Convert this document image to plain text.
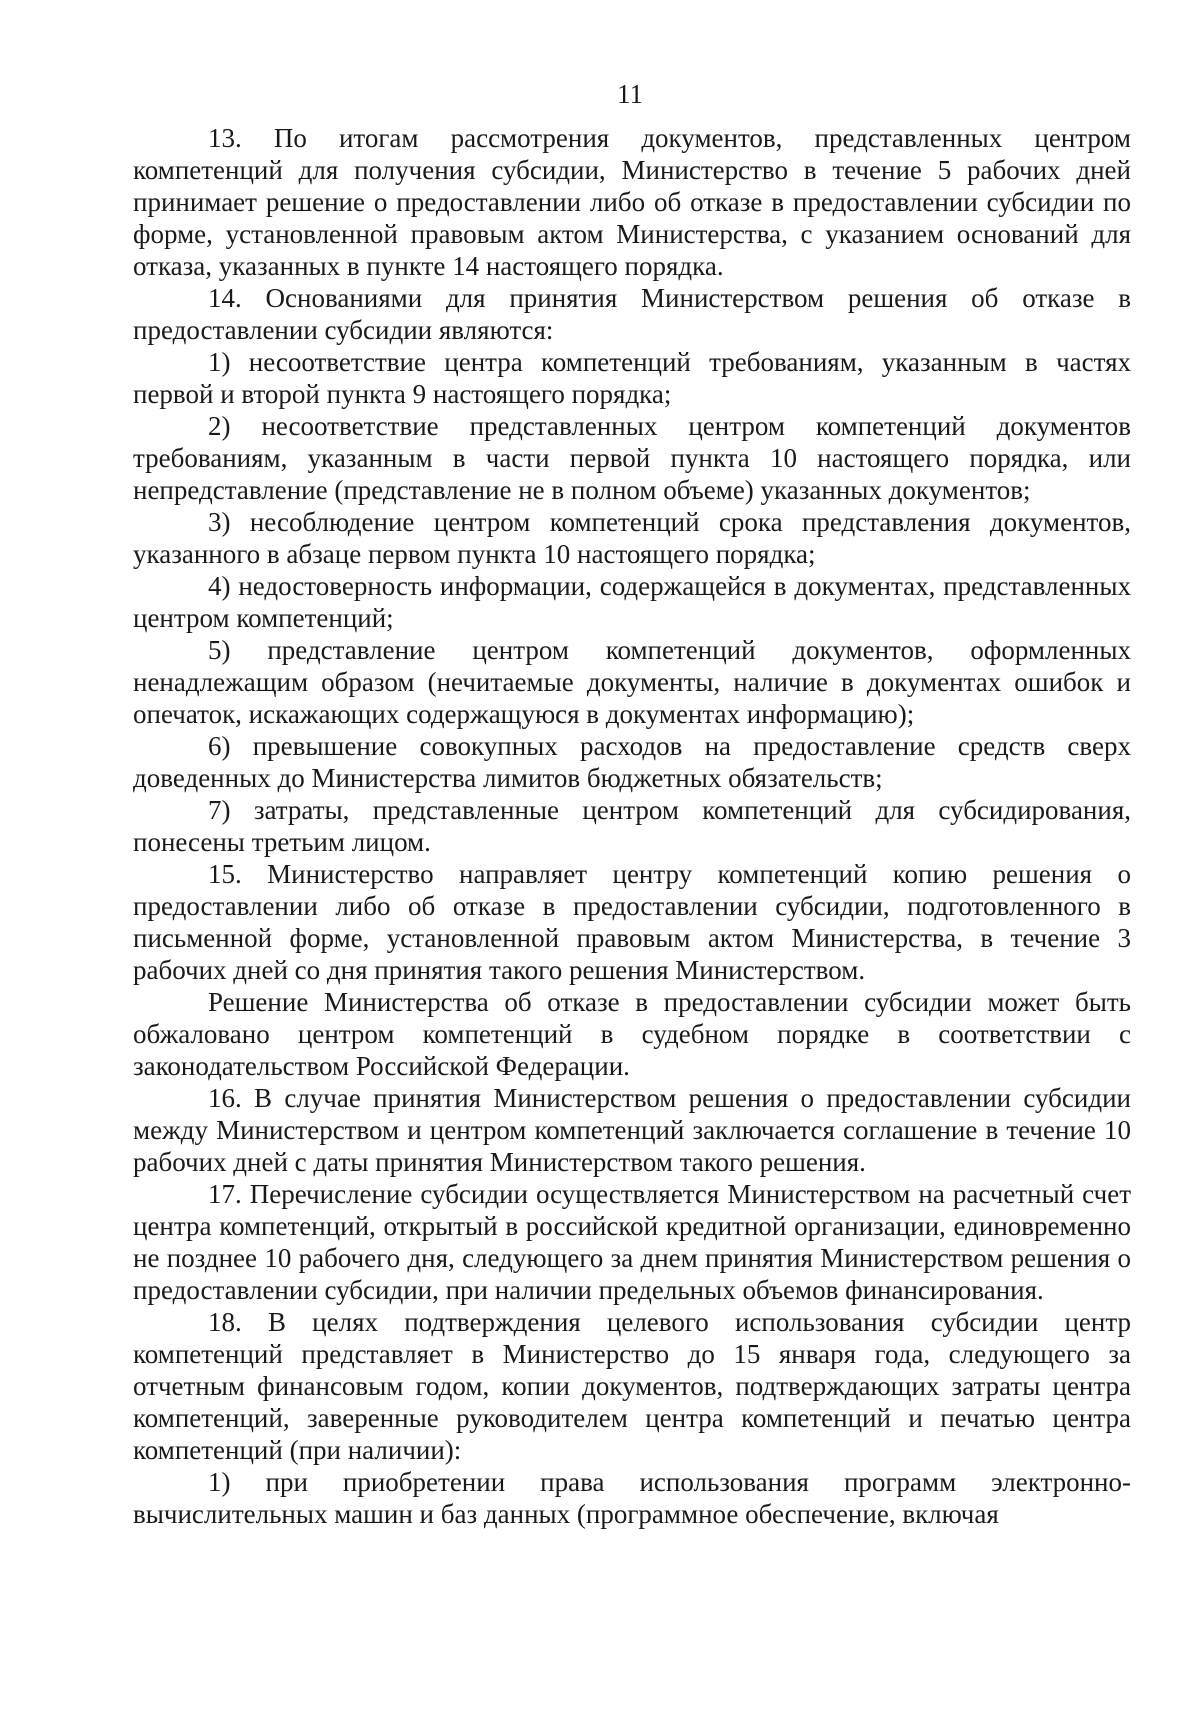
11

13. По итогам рассмотрения документов, представленных центром компетенций для получения субсидии, Министерство в течение 5 рабочих дней принимает решение о предоставлении либо об отказе в предоставлении субсидии по форме, установленной правовым актом Министерства, с указанием оснований для отказа, указанных в пункте 14 настоящего порядка.

14. Основаниями для принятия Министерством решения об отказе в предоставлении субсидии являются:

1) несоответствие центра компетенций требованиям, указанным в частях первой и второй пункта 9 настоящего порядка;

2) несоответствие представленных центром компетенций документов требованиям, указанным в части первой пункта 10 настоящего порядка, или непредставление (представление не в полном объеме) указанных документов;

3) несоблюдение центром компетенций срока представления документов, указанного в абзаце первом пункта 10 настоящего порядка;

4) недостоверность информации, содержащейся в документах, представленных центром компетенций;

5) представление центром компетенций документов, оформленных ненадлежащим образом (нечитаемые документы, наличие в документах ошибок и опечаток, искажающих содержащуюся в документах информацию);

6) превышение совокупных расходов на предоставление средств сверх доведенных до Министерства лимитов бюджетных обязательств;

7) затраты, представленные центром компетенций для субсидирования, понесены третьим лицом.

15. Министерство направляет центру компетенций копию решения о предоставлении либо об отказе в предоставлении субсидии, подготовленного в письменной форме, установленной правовым актом Министерства, в течение 3 рабочих дней со дня принятия такого решения Министерством.

Решение Министерства об отказе в предоставлении субсидии может быть обжаловано центром компетенций в судебном порядке в соответствии с законодательством Российской Федерации.

16. В случае принятия Министерством решения о предоставлении субсидии между Министерством и центром компетенций заключается соглашение в течение 10 рабочих дней с даты принятия Министерством такого решения.

17. Перечисление субсидии осуществляется Министерством на расчетный счет центра компетенций, открытый в российской кредитной организации, единовременно не позднее 10 рабочего дня, следующего за днем принятия Министерством решения о предоставлении субсидии, при наличии предельных объемов финансирования.

18. В целях подтверждения целевого использования субсидии центр компетенций представляет в Министерство до 15 января года, следующего за отчетным финансовым годом, копии документов, подтверждающих затраты центра компетенций, заверенные руководителем центра компетенций и печатью центра компетенций (при наличии):

1) при приобретении права использования программ электронно-вычислительных машин и баз данных (программное обеспечение, включая
